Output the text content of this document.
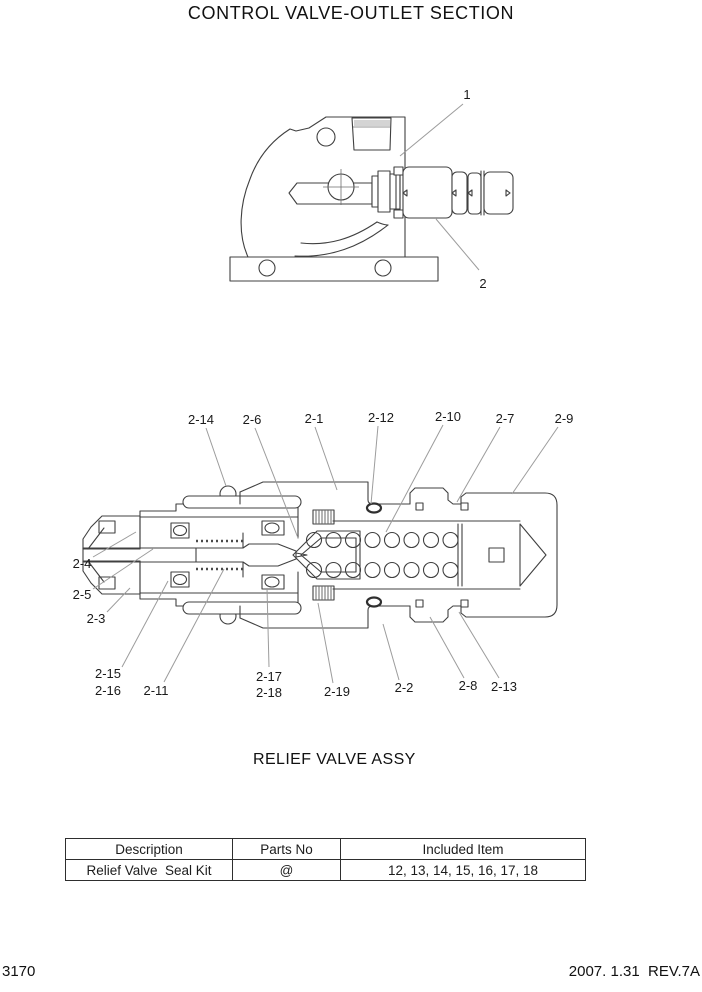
CONTROL VALVE-OUTLET SECTION
1
2
2-14 2-6	2-1	2-12	2-10	2-7	2-9
2-4
2-5
2-3
2-15
2-16 2-11
2-17
2-18	2-19	2-2	2-8 2-13
RELIEF VALVE ASSY
Description	Parts No	Included Item
Relief Valve  Seal Kit	@	12, 13, 14, 15, 16, 17, 18
3170	2007. 1.31  REV.7A
